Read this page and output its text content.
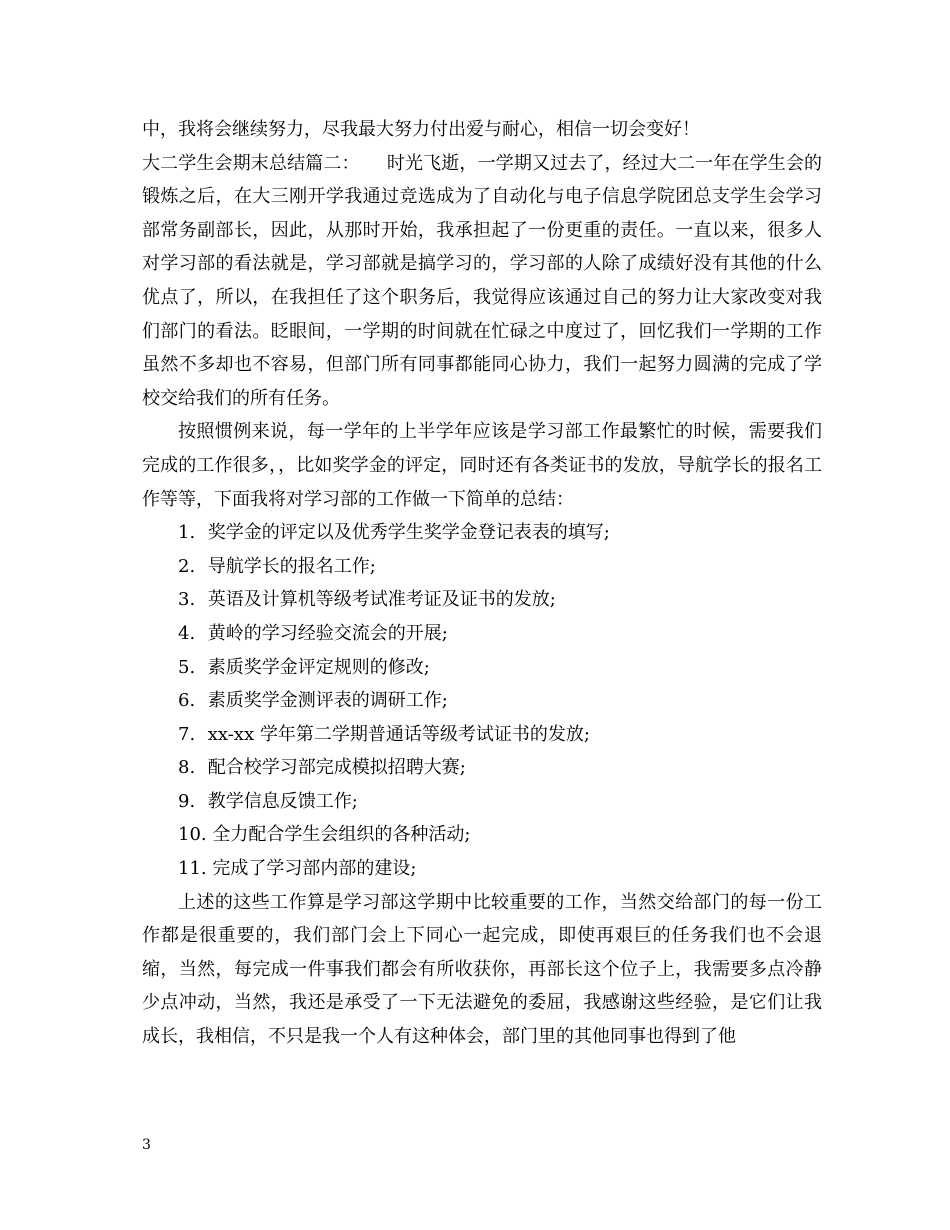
中，我将会继续努力，尽我最大努力付出爱与耐心，相信一切会变好！

大二学生会期末总结篇二：　　时光飞逝，一学期又过去了，经过大二一年在学生会的锻炼之后，在大三刚开学我通过竞选成为了自动化与电子信息学院团总支学生会学习部常务副部长，因此，从那时开始，我承担起了一份更重的责任。一直以来，很多人对学习部的看法就是，学习部就是搞学习的，学习部的人除了成绩好没有其他的什么优点了，所以，在我担任了这个职务后，我觉得应该通过自己的努力让大家改变对我们部门的看法。眨眼间，一学期的时间就在忙碌之中度过了，回忆我们一学期的工作虽然不多却也不容易，但部门所有同事都能同心协力，我们一起努力圆满的完成了学校交给我们的所有任务。

按照惯例来说，每一学年的上半学年应该是学习部工作最繁忙的时候，需要我们完成的工作很多，，比如奖学金的评定，同时还有各类证书的发放，导航学长的报名工作等等，下面我将对学习部的工作做一下简单的总结：

1. 奖学金的评定以及优秀学生奖学金登记表表的填写;
2. 导航学长的报名工作;
3. 英语及计算机等级考试准考证及证书的发放;
4. 黄岭的学习经验交流会的开展;
5. 素质奖学金评定规则的修改;
6. 素质奖学金测评表的调研工作;
7. xx-xx 学年第二学期普通话等级考试证书的发放;
8. 配合校学习部完成模拟招聘大赛;
9. 教学信息反馈工作;
10. 全力配合学生会组织的各种活动;
11. 完成了学习部内部的建设;

上述的这些工作算是学习部这学期中比较重要的工作，当然交给部门的每一份工作都是很重要的，我们部门会上下同心一起完成，即使再艰巨的任务我们也不会退缩，当然，每完成一件事我们都会有所收获你，再部长这个位子上，我需要多点冷静少点冲动，当然，我还是承受了一下无法避免的委屈，我感谢这些经验，是它们让我成长，我相信，不只是我一个人有这种体会，部门里的其他同事也得到了他

3
